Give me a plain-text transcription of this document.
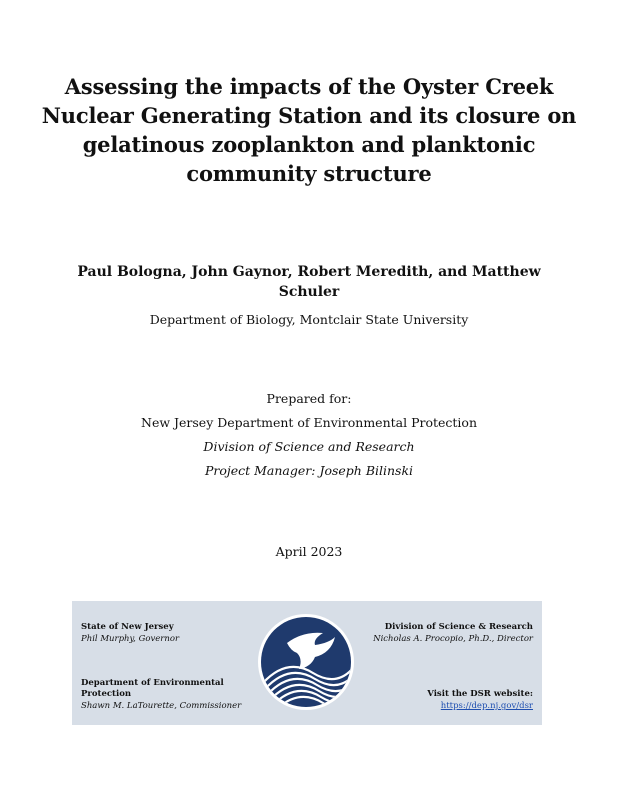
Assessing the impacts of the Oyster Creek
Nuclear Generating Station and its closure on
gelatinous zooplankton and planktonic
community structure
Paul Bologna, John Gaynor, Robert Meredith, and Matthew
Schuler
Department of Biology, Montclair State University
Prepared for:
New Jersey Department of Environmental Protection
Division of Science and Research
Project Manager: Joseph Bilinski
April 2023
State of New Jersey
Phil Murphy, Governor
Department of Environmental
Protection
Shawn M. LaTourette, Commissioner
Division of Science & Research
Nicholas A. Procopio, Ph.D., Director
Visit the DSR website:
https://dep.nj.gov/dsr
